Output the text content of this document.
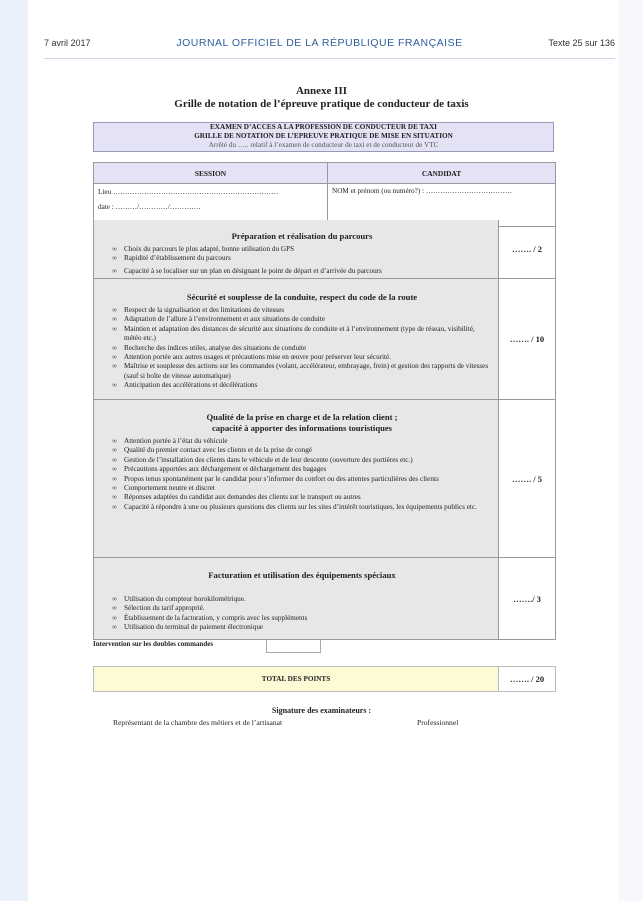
7 avril 2017	JOURNAL OFFICIEL DE LA RÉPUBLIQUE FRANÇAISE	Texte 25 sur 136
Annexe III
Grille de notation de l’épreuve pratique de conducteur de taxis
EXAMEN D’ACCES A LA PROFESSION DE CONDUCTEUR DE TAXI
GRILLE DE NOTATION DE L’EPREUVE PRATIQUE DE MISE EN SITUATION
Arrêté du ….. relatif à l’examen de conducteur de taxi et de conducteur de VTC
SESSION	CANDIDAT

Lieu ……………………………………………………………
date : ………/…………/………….	NOM et prénom (ou numéro?) : ………………………………
Préparation et réalisation du parcours
∞ Choix du parcours le plus adapté, bonne utilisation du GPS
∞ Rapidité d’établissement du parcours
∞ Capacité à se localiser sur un plan en désignant le point de départ et d’arrivée du parcours
……. / 2
Sécurité et souplesse de la conduite, respect du code de la route
∞ Respect de la signalisation et des limitations de vitesses
∞ Adaptation de l’allure à l’environnement et aux situations de conduite
∞ Maintien et adaptation des distances de sécurité aux situations de conduite et à l’environnement (type de réseau, visibilité, météo etc.)
∞ Recherche des indices utiles, analyse des situations de conduite
∞ Attention portée aux autres usages et précautions mise en œuvre pour préserver leur sécurité.
∞ Maîtrise et souplesse des actions sur les commandes (volant, accélérateur, embrayage, frein) et gestion des rapports de vitesses (sauf si boîte de vitesse automatique)
∞ Anticipation des accélérations et décélérations
……. / 10
Qualité de la prise en charge et de la relation client ;
capacité à apporter des informations touristiques
∞ Attention portée à l’état du véhicule
∞ Qualité du premier contact avec les clients et de la prise de congé
∞ Gestion de l’installation des clients dans le véhicule et de leur descente (ouverture des portières etc.)
∞ Précautions apportées aux déchargement et déchargement des bagages
∞ Propos tenus spontanément par le candidat pour s’informer du confort ou des attentes particulières des clients
∞ Comportement neutre et discret
∞ Réponses adaptées du candidat aux demandes des clients sur le transport ou autres
∞ Capacité à répondre à une ou plusieurs questions des clients sur les sites d’intérêt touristiques, les équipements publics etc.
……. / 5
Facturation et utilisation des équipements spéciaux
∞ Utilisation du compteur horokilométrique.
∞ Sélection du tarif approprié.
∞ Établissement de la facturation, y compris avec les suppléments
∞ Utilisation du terminal de paiement électronique
……./ 3
Intervention sur les doubles commandes
TOTAL DES POINTS	……. / 20
Signature des examinateurs :
Représentant de la chambre des métiers et de l’artisanat	Professionnel
